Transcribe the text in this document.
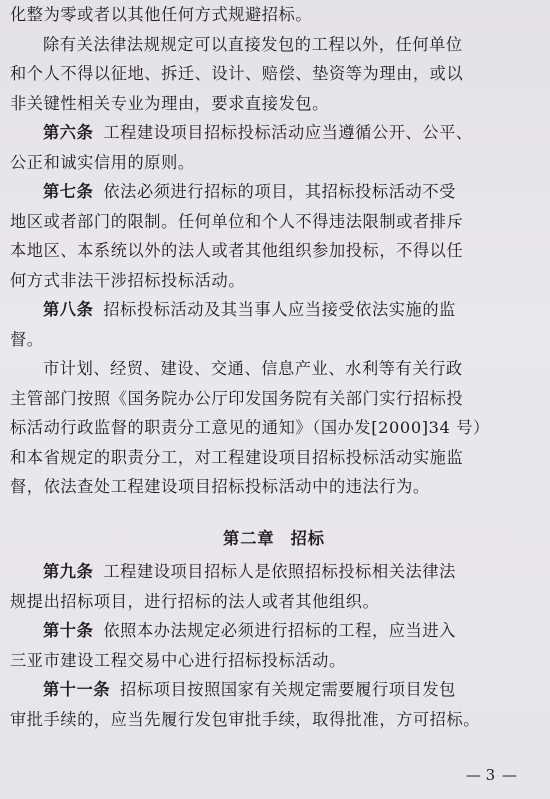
化整为零或者以其他任何方式规避招标。
除有关法律法规规定可以直接发包的工程以外，任何单位
和个人不得以征地、拆迁、设计、赔偿、垫资等为理由，或以
非关键性相关专业为理由，要求直接发包。
第六条 工程建设项目招标投标活动应当遵循公开、公平、
公正和诚实信用的原则。
第七条 依法必须进行招标的项目，其招标投标活动不受
地区或者部门的限制。任何单位和个人不得违法限制或者排斥
本地区、本系统以外的法人或者其他组织参加投标，不得以任
何方式非法干涉招标投标活动。
第八条 招标投标活动及其当事人应当接受依法实施的监
督。
市计划、经贸、建设、交通、信息产业、水利等有关行政
主管部门按照《国务院办公厅印发国务院有关部门实行招标投
标活动行政监督的职责分工意见的通知》（国办发[2000]34 号）
和本省规定的职责分工，对工程建设项目招标投标活动实施监
督，依法查处工程建设项目招标投标活动中的违法行为。
第二章 招标
第九条 工程建设项目招标人是依照招标投标相关法律法
规提出招标项目，进行招标的法人或者其他组织。
第十条 依照本办法规定必须进行招标的工程，应当进入
三亚市建设工程交易中心进行招标投标活动。
第十一条 招标项目按照国家有关规定需要履行项目发包
审批手续的，应当先履行发包审批手续，取得批准，方可招标。
— 3 —
